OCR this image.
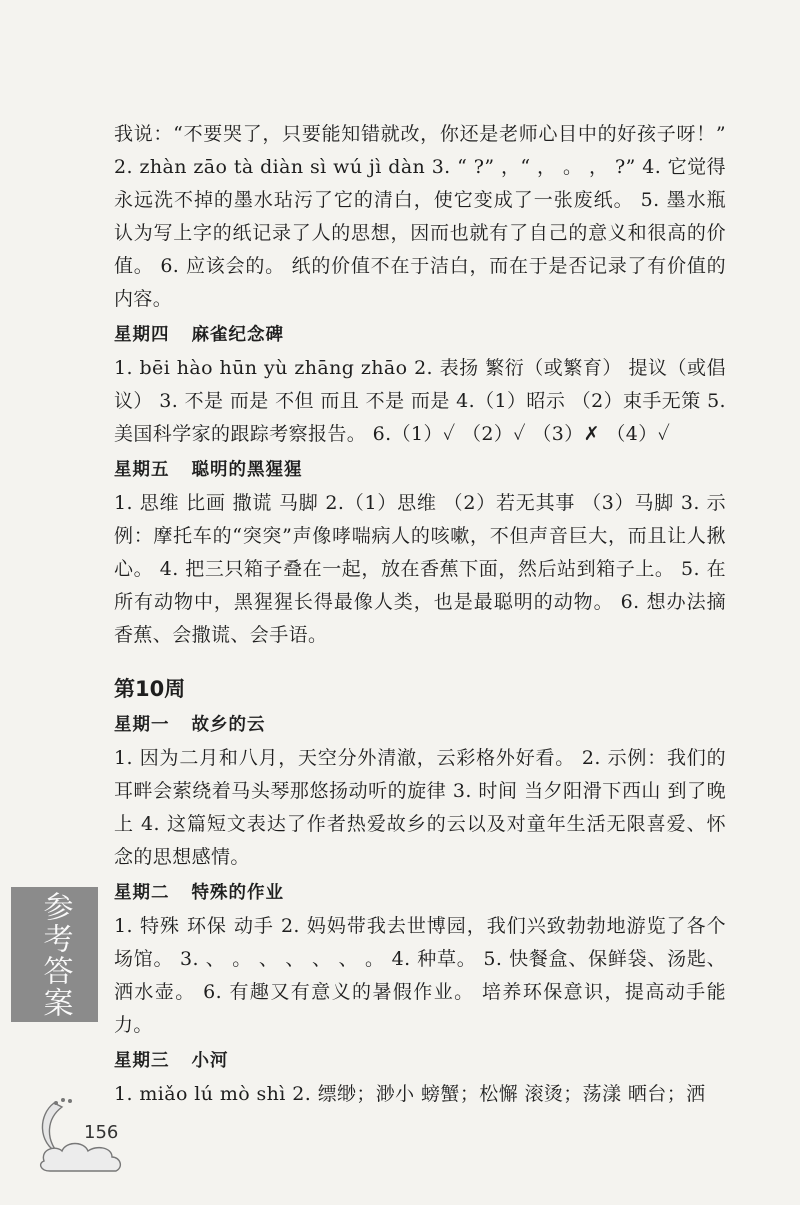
我说：“不要哭了，只要能知错就改，你还是老师心目中的好孩子呀！” 2. zhàn zāo tà diàn sì wú jì dàn 3. “ ?” ，“ ， 。 ， ?” 4. 它觉得永远洗不掉的墨水玷污了它的清白，使它变成了一张废纸。 5. 墨水瓶认为写上字的纸记录了人的思想，因而也就有了自己的意义和很高的价值。 6. 应该会的。 纸的价值不在于洁白，而在于是否记录了有价值的内容。

星期四 麻雀纪念碑

1. bēi hào hūn yù zhāng zhāo 2. 表扬 繁衍（或繁育） 提议（或倡议） 3. 不是 而是 不但 而且 不是 而是 4.（1）昭示 （2）束手无策 5. 美国科学家的跟踪考察报告。 6.（1）✓ （2）✓ （3）✗ （4）✓

星期五 聪明的黑猩猩

1. 思维 比画 撒谎 马脚 2.（1）思维 （2）若无其事 （3）马脚 3. 示例：摩托车的“突突”声像哮喘病人的咳嗽，不但声音巨大，而且让人揪心。 4. 把三只箱子叠在一起，放在香蕉下面，然后站到箱子上。 5. 在所有动物中，黑猩猩长得最像人类，也是最聪明的动物。 6. 想办法摘香蕉、会撒谎、会手语。

第10周
星期一 故乡的云

1. 因为二月和八月，天空分外清澈，云彩格外好看。 2. 示例：我们的耳畔会萦绕着马头琴那悠扬动听的旋律 3. 时间 当夕阳滑下西山 到了晚上 4. 这篇短文表达了作者热爱故乡的云以及对童年生活无限喜爱、怀念的思想感情。

星期二 特殊的作业

1. 特殊 环保 动手 2. 妈妈带我去世博园，我们兴致勃勃地游览了各个场馆。 3. 、 。 、 、 、 、 。 4. 种草。 5. 快餐盒、保鲜袋、汤匙、洒水壶。 6. 有趣又有意义的暑假作业。 培养环保意识，提高动手能力。

星期三 小河

1. miǎo lú mò shì 2. 缥缈；渺小 螃蟹；松懈 滚烫；荡漾 晒台；洒

参考答案
156
